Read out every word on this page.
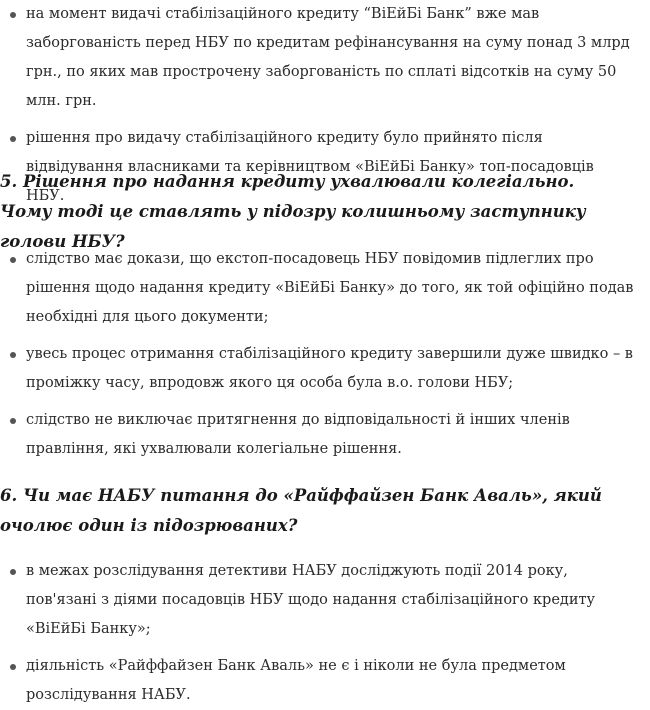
на момент видачі стабілізаційного кредиту “ВіЕйБі Банк” вже мав заборгованість перед НБУ по кредитам рефінансування на суму понад 3 млрд грн., по яких мав прострочену заборгованість по сплаті відсотків на суму 50 млн. грн.
рішення про видачу стабілізаційного кредиту було прийнято після відвідування власниками та керівництвом «ВіЕйБі Банку» топ-посадовців НБУ.

5. Рішення про надання кредиту ухвалювали колегіально. Чому тоді це ставлять у підозру колишньому заступнику голови НБУ?

слідство має докази, що екстоп-посадовець НБУ повідомив підлеглих про рішення щодо надання кредиту «ВіЕйБі Банку» до того, як той офіційно подав необхідні для цього документи;
увесь процес отримання стабілізаційного кредиту завершили дуже швидко – в проміжку часу, впродовж якого ця особа була в.о. голови НБУ;
слідство не виключає притягнення до відповідальності й інших членів правління, які ухвалювали колегіальне рішення.

6. Чи має НАБУ питання до «Райффайзен Банк Аваль», який очолює один із підозрюваних?

в межах розслідування детективи НАБУ досліджують події 2014 року, пов'язані з діями посадовців НБУ щодо надання стабілізаційного кредиту «ВіЕйБі Банку»;
діяльність «Райффайзен Банк Аваль» не є і ніколи не була предметом розслідування НАБУ.
